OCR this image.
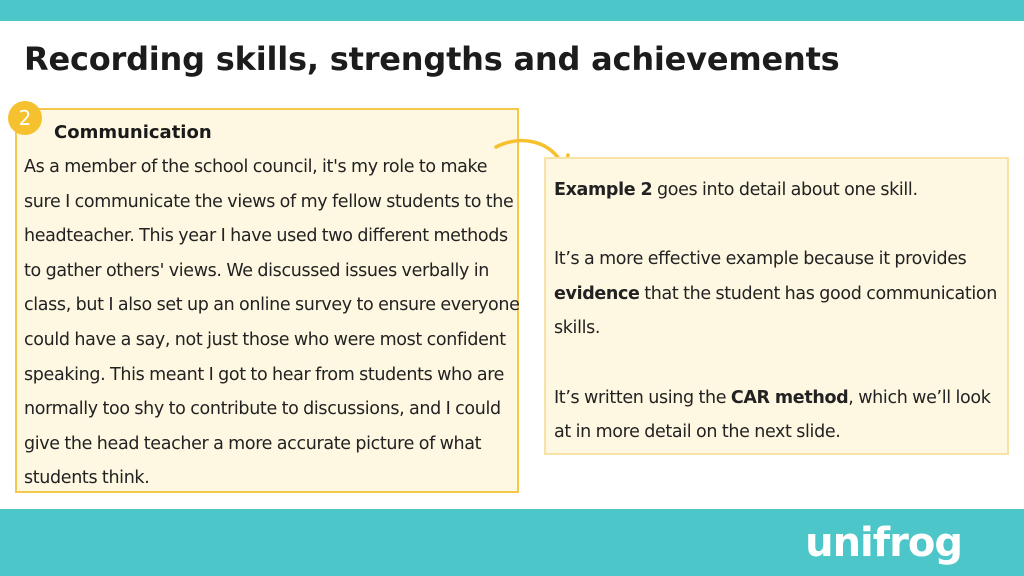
Recording skills, strengths and achievements
Communication
As a member of the school council, it's my role to make sure I communicate the views of my fellow students to the headteacher. This year I have used two different methods to gather others' views. We discussed issues verbally in class, but I also set up an online survey to ensure everyone could have a say, not just those who were most confident speaking. This meant I got to hear from students who are normally too shy to contribute to discussions, and I could give the head teacher a more accurate picture of what students think.
2

Example 2 goes into detail about one skill.

It’s a more effective example because it provides evidence that the student has good communication skills.

It’s written using the CAR method, which we’ll look at in more detail on the next slide.

unifrog
